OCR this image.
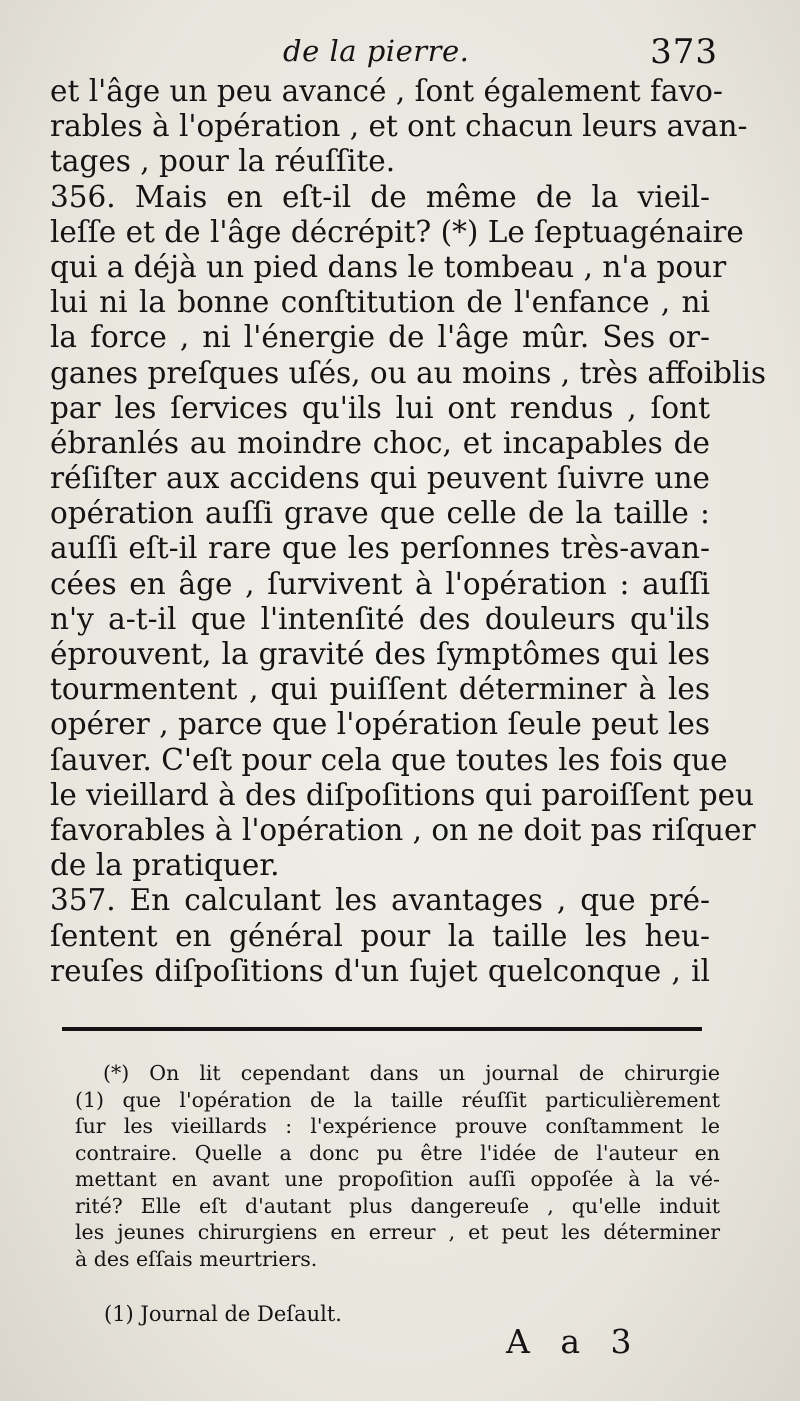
de la pierre.	373
et l'âge un peu avancé , ſont également favo-
rables à l'opération , et ont chacun leurs avan-
tages , pour la réuſſite.
356. Mais en eſt-il de même de la vieil-
leſſe et de l'âge décrépit? (*) Le ſeptuagénaire
qui a déjà un pied dans le tombeau , n'a pour
lui ni la bonne conſtitution de l'enfance , ni
la force , ni l'énergie de l'âge mûr. Ses or-
ganes preſques uſés, ou au moins , très affoiblis
par les ſervices qu'ils lui ont rendus , ſont
ébranlés au moindre choc, et incapables de
réſiſter aux accidens qui peuvent ſuivre une
opération auſſi grave que celle de la taille :
auſſi eſt-il rare que les perſonnes très-avan-
cées en âge , ſurvivent à l'opération : auſſi
n'y a-t-il que l'intenſité des douleurs qu'ils
éprouvent, la gravité des ſymptômes qui les
tourmentent , qui puiſſent déterminer à les
opérer , parce que l'opération ſeule peut les
ſauver. C'eſt pour cela que toutes les fois que
le vieillard à des diſpoſitions qui paroiſſent peu
favorables à l'opération , on ne doit pas riſquer
de la pratiquer.
357. En calculant les avantages , que pré-
ſentent en général pour la taille les heu-
reuſes diſpoſitions d'un ſujet quelconque , il
(*) On lit cependant dans un journal de chirurgie
(1) que l'opération de la taille réuſſit particulièrement
ſur les vieillards : l'expérience prouve conſtamment le
contraire. Quelle a donc pu être l'idée de l'auteur en
mettant en avant une propoſition auſſi oppoſée à la vé-
rité? Elle eſt d'autant plus dangereuſe , qu'elle induit
les jeunes chirurgiens en erreur , et peut les déterminer
à des eſſais meurtriers.
(1) Journal de Deſault.
A a 3
